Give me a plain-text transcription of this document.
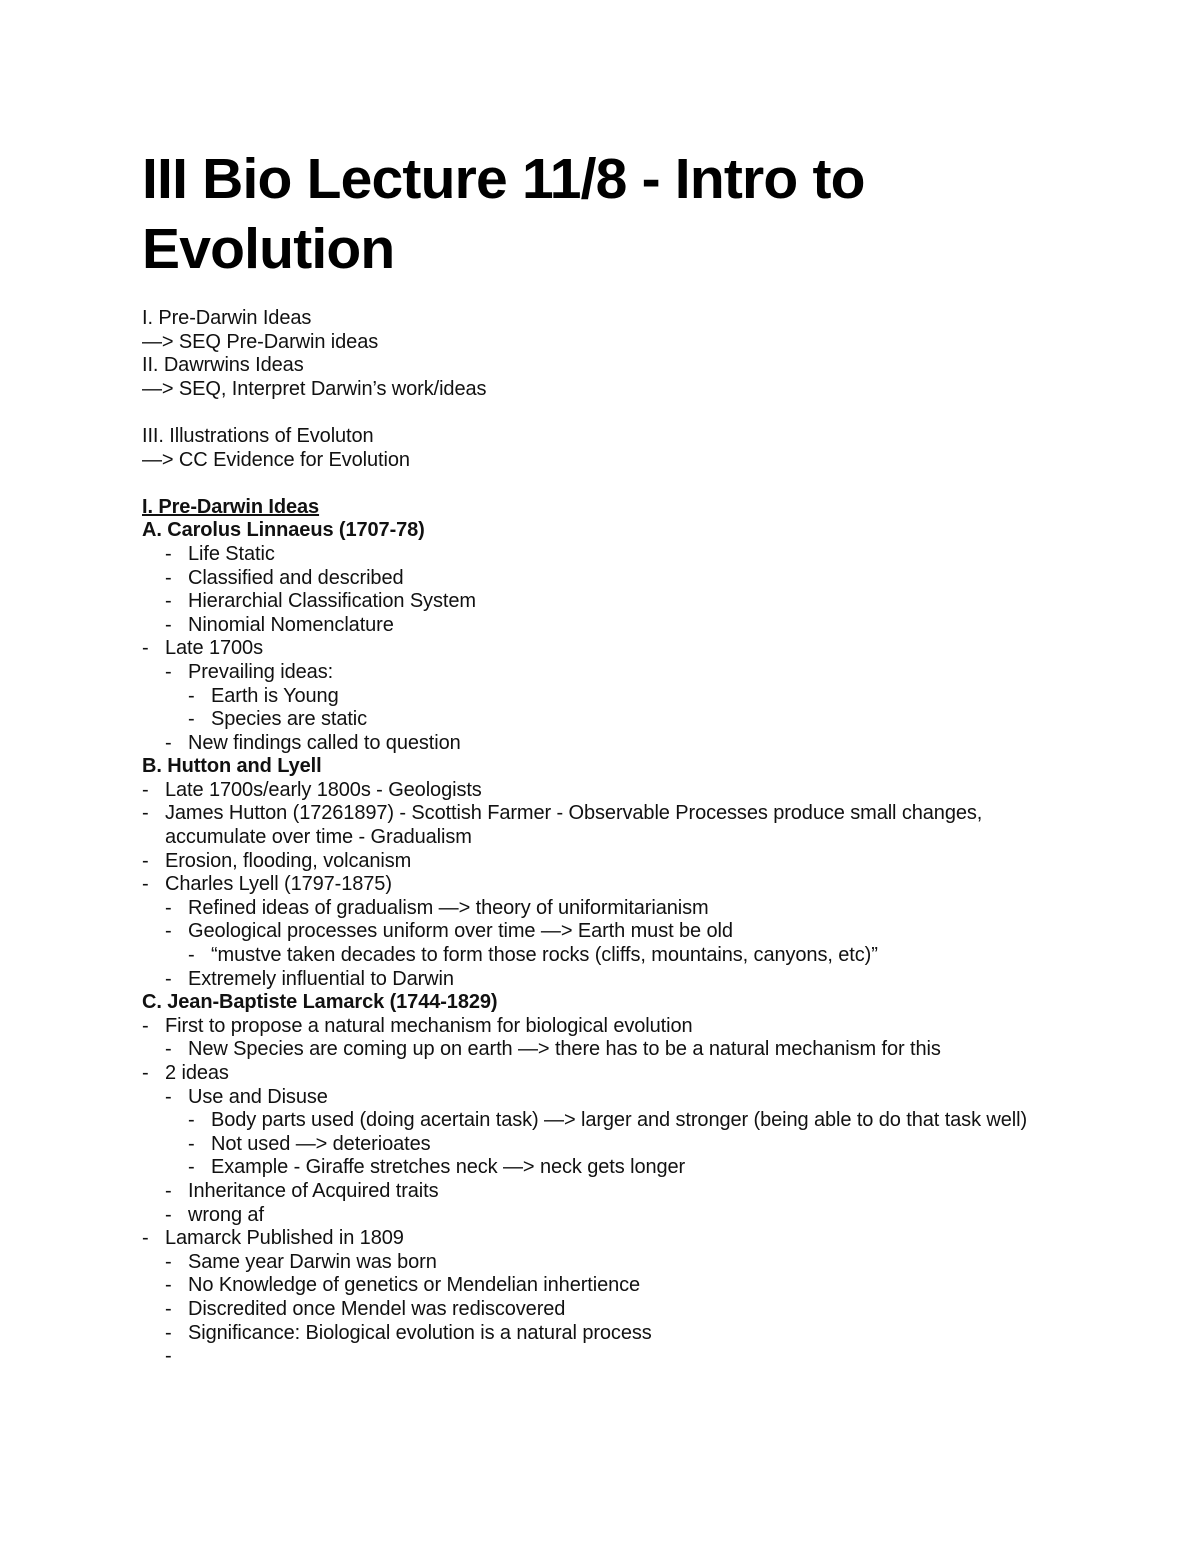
III Bio Lecture 11/8 - Intro to Evolution

I. Pre-Darwin Ideas

—> SEQ Pre-Darwin ideas

II. Dawrwins Ideas

—> SEQ, Interpret Darwin’s work/ideas

III. Illustrations of Evoluton

—> CC Evidence for Evolution

I. Pre-Darwin Ideas

A. Carolus Linnaeus (1707-78)

- Life Static

- Classified and described

- Hierarchial Classification System

- Ninomial Nomenclature

- Late 1700s

- Prevailing ideas:

- Earth is Young

- Species are static

- New findings called to question

B. Hutton and Lyell

- Late 1700s/early 1800s - Geologists

- James Hutton (17261897) - Scottish Farmer - Observable Processes produce small changes, accumulate over time - Gradualism

- Erosion, flooding, volcanism

- Charles Lyell (1797-1875)

- Refined ideas of gradualism —> theory of uniformitarianism

- Geological processes uniform over time —> Earth must be old

- “mustve taken decades to form those rocks (cliffs, mountains, canyons, etc)”

- Extremely influential to Darwin

C. Jean-Baptiste Lamarck (1744-1829)

- First to propose a natural mechanism for biological evolution

- New Species are coming up on earth —> there has to be a natural mechanism for this

- 2 ideas

- Use and Disuse

- Body parts used (doing acertain task) —> larger and stronger (being able to do that task well)

- Not used —> deterioates

- Example - Giraffe stretches neck —> neck gets longer

- Inheritance of Acquired traits

- wrong af

- Lamarck Published in 1809

- Same year Darwin was born

- No Knowledge of genetics or Mendelian inhertience

- Discredited once Mendel was rediscovered

- Significance: Biological evolution is a natural process

-
